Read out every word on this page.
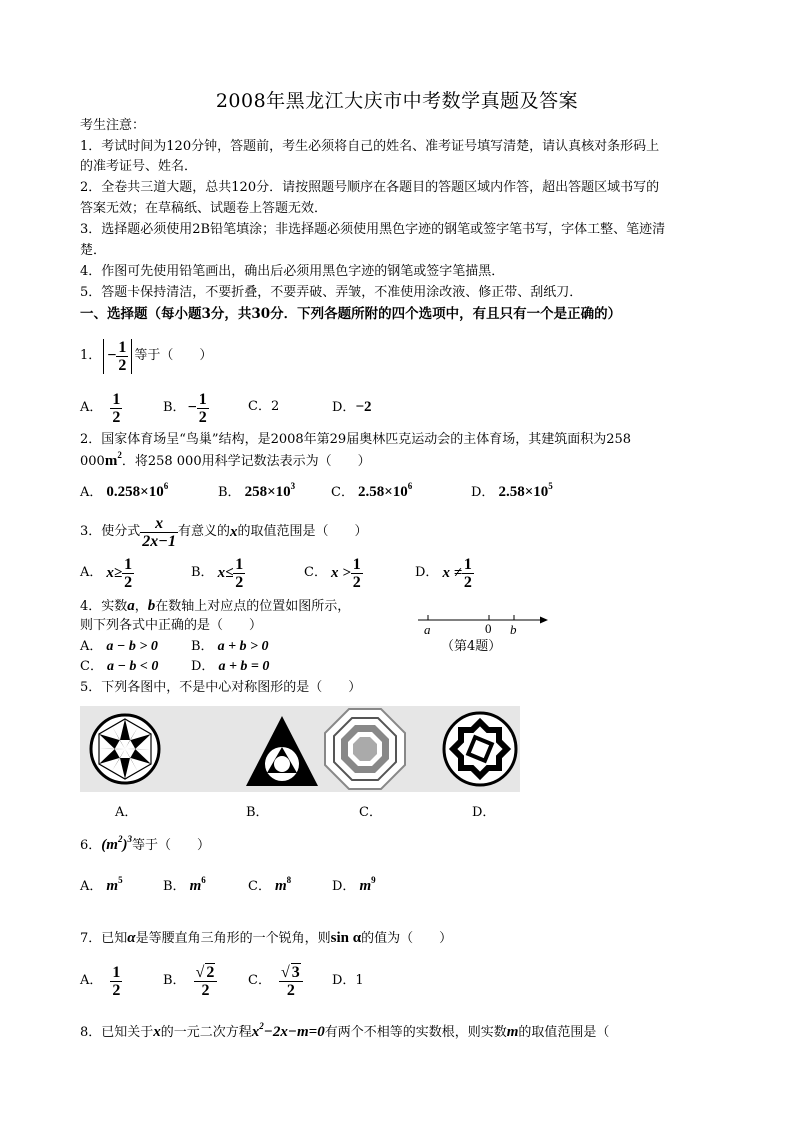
2008年黑龙江大庆市中考数学真题及答案
考生注意：
1．考试时间为120分钟，答题前，考生必须将自己的姓名、准考证号填写清楚，请认真核对条形码上
的准考证号、姓名．
2．全卷共三道大题，总共120分．请按照题号顺序在各题目的答题区域内作答，超出答题区域书写的
答案无效；在草稿纸、试题卷上答题无效．
3．选择题必须使用2B铅笔填涂；非选择题必须使用黑色字迹的钢笔或签字笔书写，字体工整、笔迹清
楚．
4．作图可先使用铅笔画出，确出后必须用黑色字迹的钢笔或签字笔描黑．
5．答题卡保持清洁，不要折叠，不要弄破、弄皱，不准使用涂改液、修正带、刮纸刀．
一、选择题（每小题3分，共30分．下列各题所附的四个选项中，有且只有一个是正确的）
1． − $\frac{1}{2}$ 等于（　　）
A． $\frac{1}{2}$	B． − $\frac{1}{2}$	C．2	D．−2
2．国家体育场呈“鸟巢”结构，是2008年第29届奥林匹克运动会的主体育场，其建筑面积为258
$000m^2$．将258 000用科学记数法表示为（　　）
A． $0.258\times 10^6$	B． $258\times 10^3$	C． $2.58\times 10^6$	D． $2.58\times 10^5$
3．使分式 $\frac{x}{2x-1}$ 有意义的 x 的取值范围是（　　）
A． $x\ge \frac{1}{2}$	B． $x\le \frac{1}{2}$	C． $x > \frac{1}{2}$	D． $x \ne \frac{1}{2}$
4．实数a，b在数轴上对应点的位置如图所示，
则下列各式中正确的是（　　）
A． a − b > 0	B． a + b > 0
C． a − b < 0	D． a + b = 0
a	0 b
（第4题）
5．下列各图中，不是中心对称图形的是（　　）
A．	B．	C．	D．
6．$(m^2)^3$等于（　　）
A． $m^5$	B． $m^6$	C． $m^8$	D． $m^9$
7．已知α是等腰直角三角形的一个锐角，则sin α的值为（　　）
A． $\frac{1}{2}$	B． $\frac{√ 2}{2}$ C． $\frac{√ 3}{2}$ D．1
8．已知关于x的一元二次方程$x^2-2x-m=0$有两个不相等的实数根，则实数m的取值范围是（
